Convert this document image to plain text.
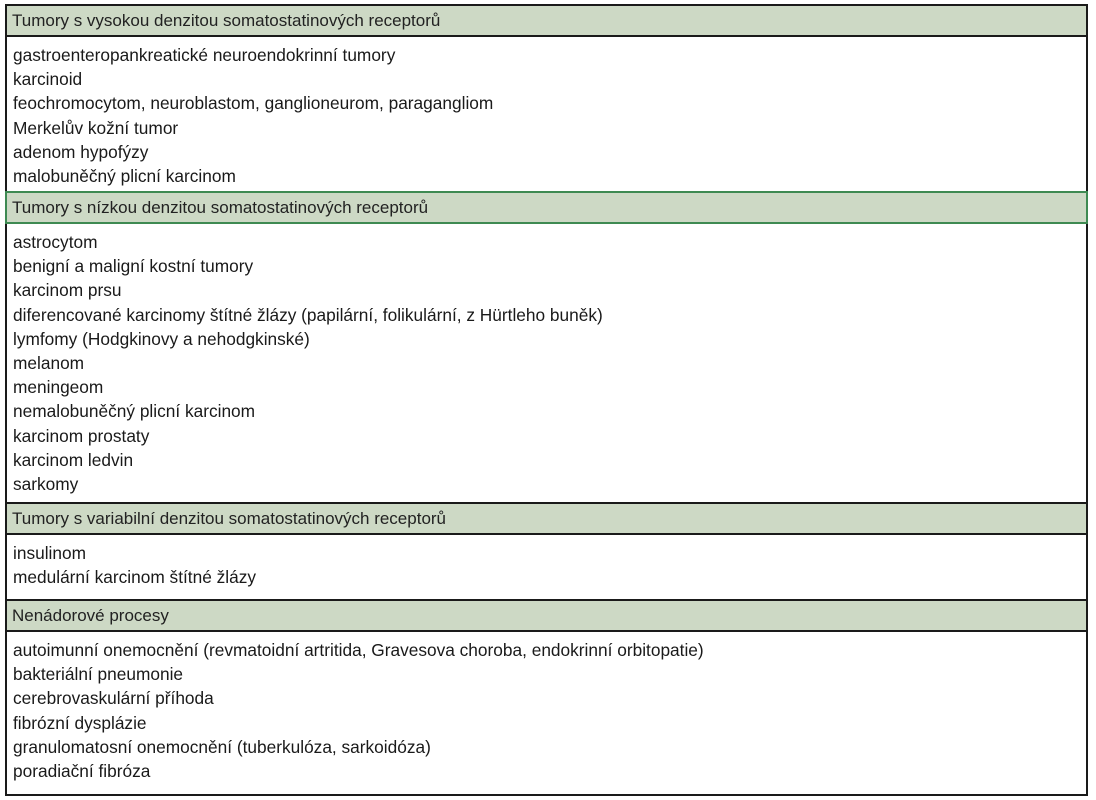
Tumory s vysokou denzitou somatostatinových receptorů
gastroenteropankreatické neuroendokrinní tumory
karcinoid
feochromocytom, neuroblastom, ganglioneurom, paragangliom
Merkelův kožní tumor
adenom hypofýzy
malobuněčný plicní karcinom
Tumory s nízkou denzitou somatostatinových receptorů
astrocytom
benigní a maligní kostní tumory
karcinom prsu
diferencované karcinomy štítné žlázy (papilární, folikulární, z Hürtleho buněk)
lymfomy (Hodgkinovy a nehodgkinské)
melanom
meningeom
nemalobuněčný plicní karcinom
karcinom prostaty
karcinom ledvin
sarkomy
Tumory s variabilní denzitou somatostatinových receptorů
insulinom
medulární karcinom štítné žlázy
Nenádorové procesy
autoimunní onemocnění (revmatoidní artritida, Gravesova choroba, endokrinní orbitopatie)
bakteriální pneumonie
cerebrovaskulární příhoda
fibrózní dysplázie
granulomatosní onemocnění (tuberkulóza, sarkoidóza)
poradiační fibróza
